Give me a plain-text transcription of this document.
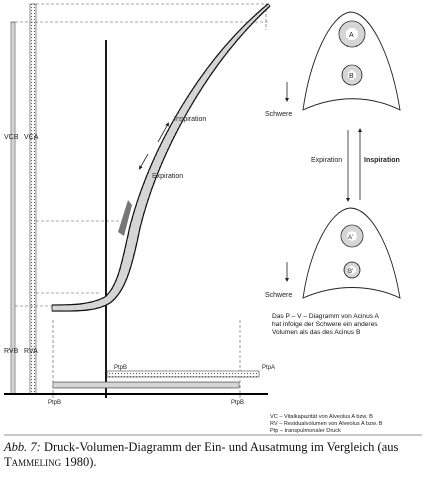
VCB VCA
RVB RVA
Inspiration
Expiration
PtpB	PtpA
PtpB	PtpB
A
B
Schwere
Expiration	Inspiration
A'
B'
Schwere
Das P – V – Diagramm von Acinus A
hat infolge der Schwere ein anderes
Volumen als das des Acinus B
VC – Vitalkapazität von Alveolus A bzw. B
RV – Residualvolumen von Alveolus A bzw. B
Ptp – transpulmonaler Druck
Abb. 7: Druck-Volumen-Diagramm der Ein- und Ausatmung im Vergleich (aus Tammeling 1980).
